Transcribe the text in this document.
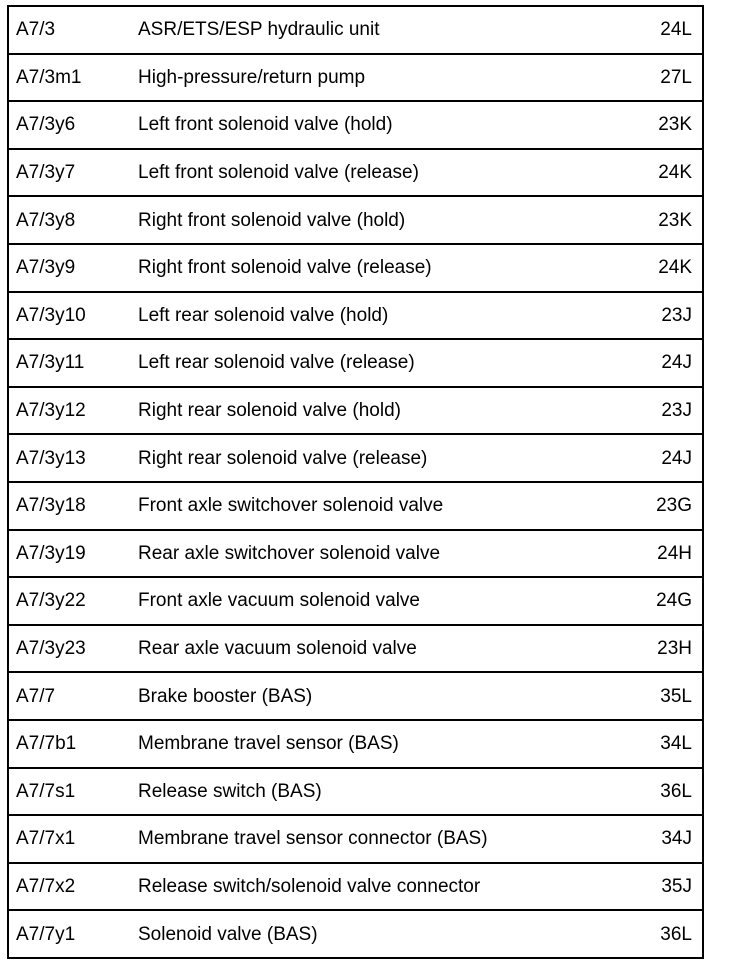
A7/3	ASR/ETS/ESP hydraulic unit	24L
A7/3m1	High-pressure/return pump	27L
A7/3y6	Left front solenoid valve (hold)	23K
A7/3y7	Left front solenoid valve (release)	24K
A7/3y8	Right front solenoid valve (hold)	23K
A7/3y9	Right front solenoid valve (release)	24K
A7/3y10	Left rear solenoid valve (hold)	23J
A7/3y11	Left rear solenoid valve (release)	24J
A7/3y12	Right rear solenoid valve (hold)	23J
A7/3y13	Right rear solenoid valve (release)	24J
A7/3y18	Front axle switchover solenoid valve	23G
A7/3y19	Rear axle switchover solenoid valve	24H
A7/3y22	Front axle vacuum solenoid valve	24G
A7/3y23	Rear axle vacuum solenoid valve	23H
A7/7	Brake booster (BAS)	35L
A7/7b1	Membrane travel sensor (BAS)	34L
A7/7s1	Release switch (BAS)	36L
A7/7x1	Membrane travel sensor connector (BAS)	34J
A7/7x2	Release switch/solenoid valve connector	35J
A7/7y1	Solenoid valve (BAS)	36L
